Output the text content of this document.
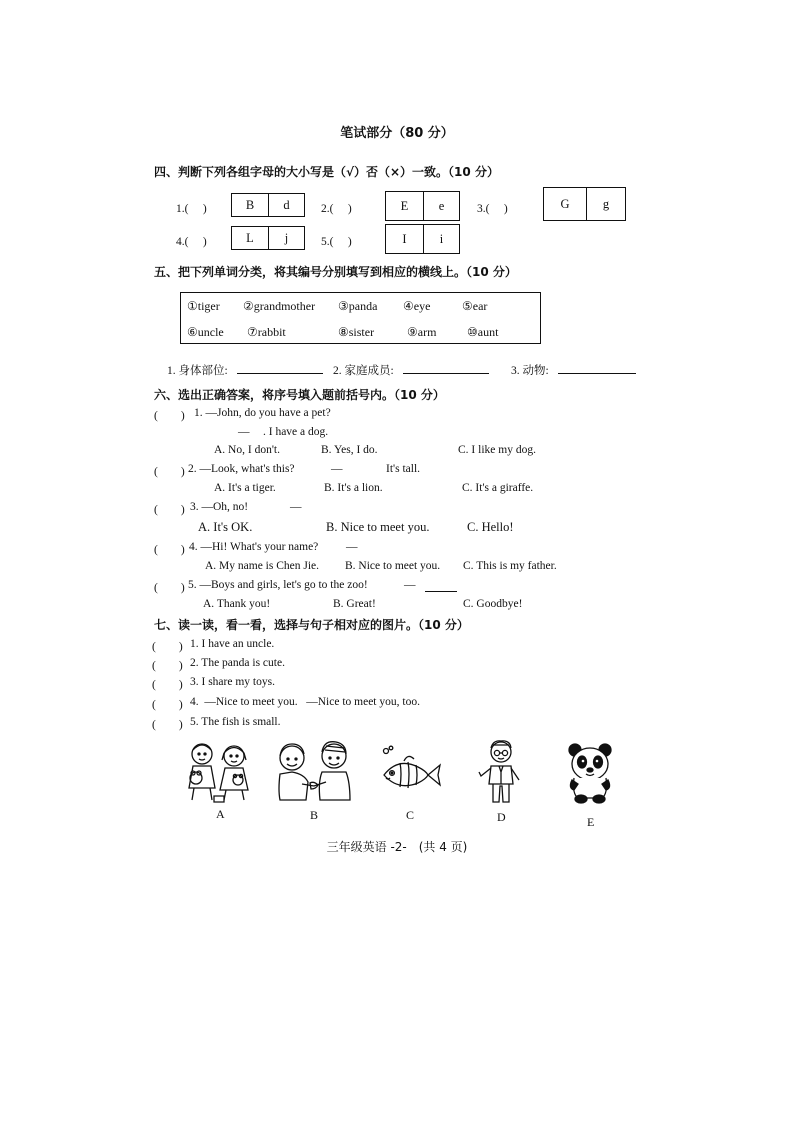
笔试部分（80 分）
四、判断下列各组字母的大小写是（√）否（×）一致。（10 分）
1.(　 )	B	d	2.(　 )	E	e	3.(　 )	G	g
4.(　 )	L	j	5.(　 )	I	i
五、把下列单词分类，将其编号分别填写到相应的横线上。（10 分）
①tiger ②grandmother ③panda ④eye	⑤ear
⑥uncle ⑦rabbit	⑧sister	⑨arm	⑩aunt
1. 身体部位:	2. 家庭成员:	3. 动物:
六、选出正确答案，将序号填入题前括号内。（10 分）
(　　) 1. —John, do you have a pet?
— . I have a dog.
A. No, I don't.	B. Yes, I do.	C. I like my dog.
(　　) 2. —Look, what's this?	—	It's tall.
A. It's a tiger.	B. It's a lion.	C. It's a giraffe.
(　　) 3. —Oh, no!	—
A. It's OK.	B. Nice to meet you.	C. Hello!
(　　) 4. —Hi! What's your name? —
A. My name is Chen Jie. B. Nice to meet you. C. This is my father.
(　　) 5. —Boys and girls, let's go to the zoo!	—
A. Thank you!	B. Great!	C. Goodbye!
七、读一读，看一看，选择与句子相对应的图片。（10 分）
(　　) 1. I have an uncle.
(　　) 2. The panda is cute.
(　　) 3. I share my toys.
(　　) 4.  —Nice to meet you.   —Nice to meet you, too.
(　　) 5. The fish is small.
A	B	C	D	E
三年级英语 -2-　(共 4 页)
